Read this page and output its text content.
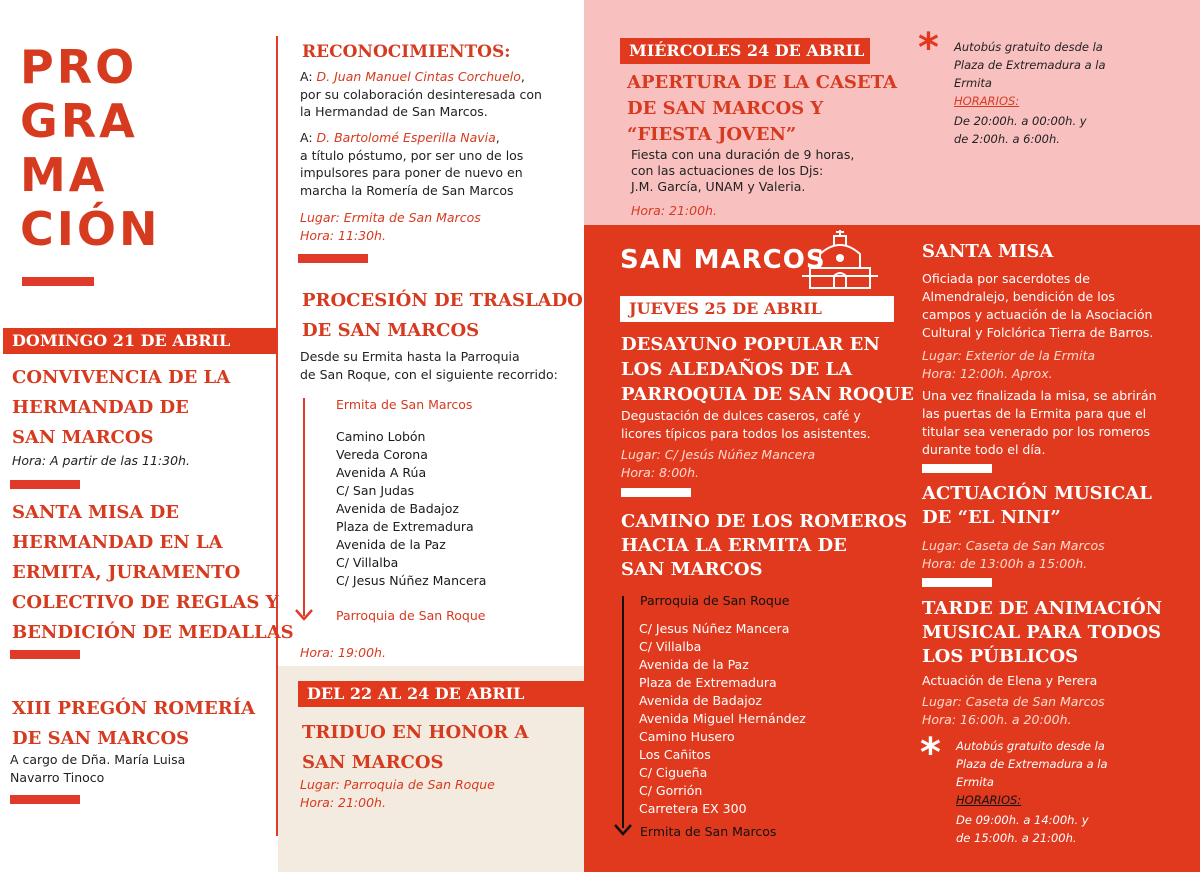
PRO
GRA
MA
CIÓN
DOMINGO 21 DE ABRIL
CONVIVENCIA DE LA
HERMANDAD DE
SAN MARCOS
Hora: A partir de las 11:30h.
SANTA MISA DE
HERMANDAD EN LA
ERMITA, JURAMENTO
COLECTIVO DE REGLAS Y
BENDICIÓN DE MEDALLAS
XIII PREGÓN ROMERÍA
DE SAN MARCOS
A cargo de Dña. María Luisa
Navarro Tinoco
RECONOCIMIENTOS:
A: D. Juan Manuel Cintas Corchuelo,
por su colaboración desinteresada con
la Hermandad de San Marcos.
A: D. Bartolomé Esperilla Navia,
a título póstumo, por ser uno de los
impulsores para poner de nuevo en
marcha la Romería de San Marcos
Lugar: Ermita de San Marcos
Hora: 11:30h.
PROCESIÓN DE TRASLADO
DE SAN MARCOS
Desde su Ermita hasta la Parroquia
de San Roque, con el siguiente recorrido:
Ermita de San Marcos
Camino Lobón
Vereda Corona
Avenida A Rúa
C/ San Judas
Avenida de Badajoz
Plaza de Extremadura
Avenida de la Paz
C/ Villalba
C/ Jesus Núñez Mancera
Parroquia de San Roque
Hora: 19:00h.
DEL 22 AL 24 DE ABRIL
TRIDUO EN HONOR A
SAN MARCOS
Lugar: Parroquia de San Roque
Hora: 21:00h.
MIÉRCOLES 24 DE ABRIL
APERTURA DE LA CASETA
DE SAN MARCOS Y
“FIESTA JOVEN”
Fiesta con una duración de 9 horas,
con las actuaciones de los Djs:
J.M. García, UNAM y Valeria.
Hora: 21:00h.
SAN MARCOS
JUEVES 25 DE ABRIL
DESAYUNO POPULAR EN
LOS ALEDAÑOS DE LA
PARROQUIA DE SAN ROQUE
Degustación de dulces caseros, café y
licores típicos para todos los asistentes.
Lugar: C/ Jesús Núñez Mancera
Hora: 8:00h.
CAMINO DE LOS ROMEROS
HACIA LA ERMITA DE
SAN MARCOS
Parroquia de San Roque
C/ Jesus Núñez Mancera
C/ Villalba
Avenida de la Paz
Plaza de Extremadura
Avenida de Badajoz
Avenida Miguel Hernández
Camino Husero
Los Cañitos
C/ Cigueña
C/ Gorrión
Carretera EX 300
Ermita de San Marcos
* Autobús gratuito desde la
Plaza de Extremadura a la
Ermita
HORARIOS:
De 20:00h. a 00:00h. y
de 2:00h. a 6:00h.
SANTA MISA
Oficiada por sacerdotes de
Almendralejo, bendición de los
campos y actuación de la Asociación
Cultural y Folclórica Tierra de Barros.
Lugar: Exterior de la Ermita
Hora: 12:00h. Aprox.
Una vez finalizada la misa, se abrirán
las puertas de la Ermita para que el
titular sea venerado por los romeros
durante todo el día.
ACTUACIÓN MUSICAL
DE “EL NINI”
Lugar: Caseta de San Marcos
Hora: de 13:00h a 15:00h.
TARDE DE ANIMACIÓN
MUSICAL PARA TODOS
LOS PÚBLICOS
Actuación de Elena y Perera
Lugar: Caseta de San Marcos
Hora: 16:00h. a 20:00h.
* Autobús gratuito desde la
Plaza de Extremadura a la
Ermita
HORARIOS:
De 09:00h. a 14:00h. y
de 15:00h. a 21:00h.
